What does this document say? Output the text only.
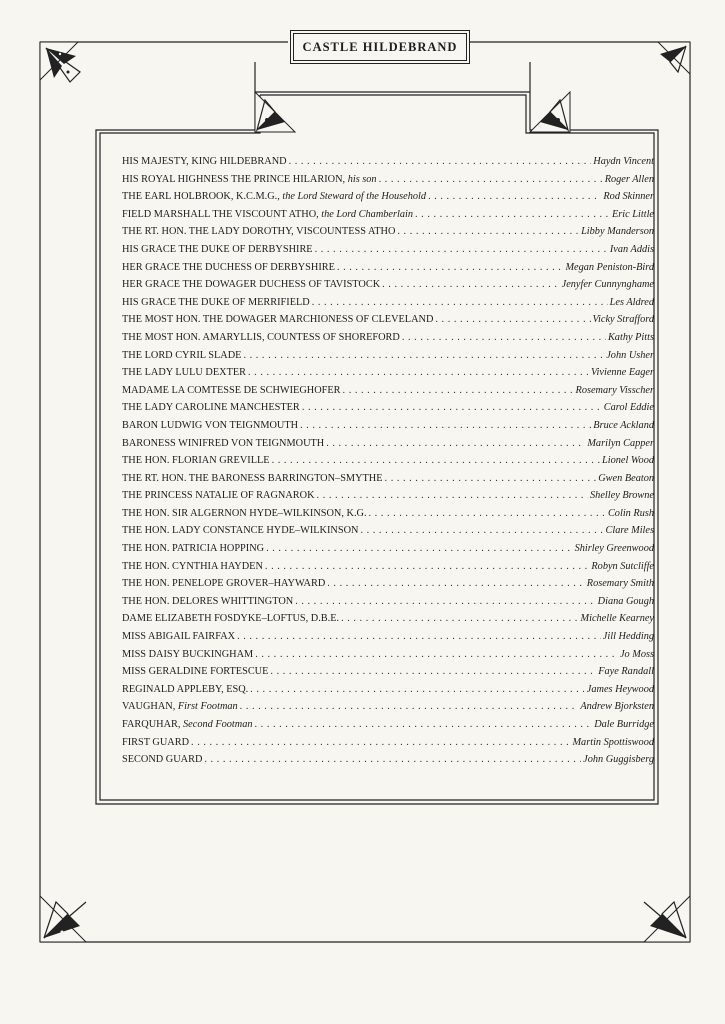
CASTLE HILDEBRAND
HIS MAJESTY, KING HILDEBRAND . . .	Haydn Vincent
HIS ROYAL HIGHNESS THE PRINCE HILARION, his son . . .	Roger Allen
THE EARL HOLBROOK, K.C.M.G., the Lord Steward of the Household . . .	Rod Skinner
FIELD MARSHALL THE VISCOUNT ATHO, the Lord Chamberlain . . .	Eric Little
THE RT. HON. THE LADY DOROTHY, VISCOUNTESS ATHO . . .	Libby Manderson
HIS GRACE THE DUKE OF DERBYSHIRE . . .	Ivan Addis
HER GRACE THE DUCHESS OF DERBYSHIRE . . .	Megan Peniston-Bird
HER GRACE THE DOWAGER DUCHESS OF TAVISTOCK . . .	Jenyfer Cunnynghame
HIS GRACE THE DUKE OF MERRIFIELD . . .	Les Aldred
THE MOST HON. THE DOWAGER MARCHIONESS OF CLEVELAND . . .	Vicky Strafford
THE MOST HON. AMARYLLIS, COUNTESS OF SHOREFORD . . .	Kathy Pitts
THE LORD CYRIL SLADE . . .	John Usher
THE LADY LULU DEXTER . . .	Vivienne Eager
MADAME LA COMTESSE DE SCHWIEGHOFER . . .	Rosemary Visscher
THE LADY CAROLINE MANCHESTER . . .	Carol Eddie
BARON LUDWIG VON TEIGNMOUTH . . .	Bruce Ackland
BARONESS WINIFRED VON TEIGNMOUTH . . .	Marilyn Capper
THE HON. FLORIAN GREVILLE . . .	Lionel Wood
THE RT. HON. THE BARONESS BARRINGTON–SMYTHE . . .	Gwen Beaton
THE PRINCESS NATALIE OF RAGNAROK . . .	Shelley Browne
THE HON. SIR ALGERNON HYDE–WILKINSON, K.G. . . .	Colin Rush
THE HON. LADY CONSTANCE HYDE–WILKINSON . . .	Clare Miles
THE HON. PATRICIA HOPPING . . .	Shirley Greenwood
THE HON. CYNTHIA HAYDEN . . .	Robyn Sutcliffe
THE HON. PENELOPE GROVER–HAYWARD . . .	Rosemary Smith
THE HON. DELORES WHITTINGTON . . .	Diana Gough
DAME ELIZABETH FOSDYKE–LOFTUS, D.B.E. . . .	Michelle Kearney
MISS ABIGAIL FAIRFAX . . .	Jill Hedding
MISS DAISY BUCKINGHAM . . .	Jo Moss
MISS GERALDINE FORTESCUE . . .	Faye Randall
REGINALD APPLEBY, ESQ. . . .	James Heywood
VAUGHAN, First Footman . . .	Andrew Bjorksten
FARQUHAR, Second Footman . . .	Dale Burridge
FIRST GUARD . . .	Martin Spottiswood
SECOND GUARD . . .	John Guggisberg
